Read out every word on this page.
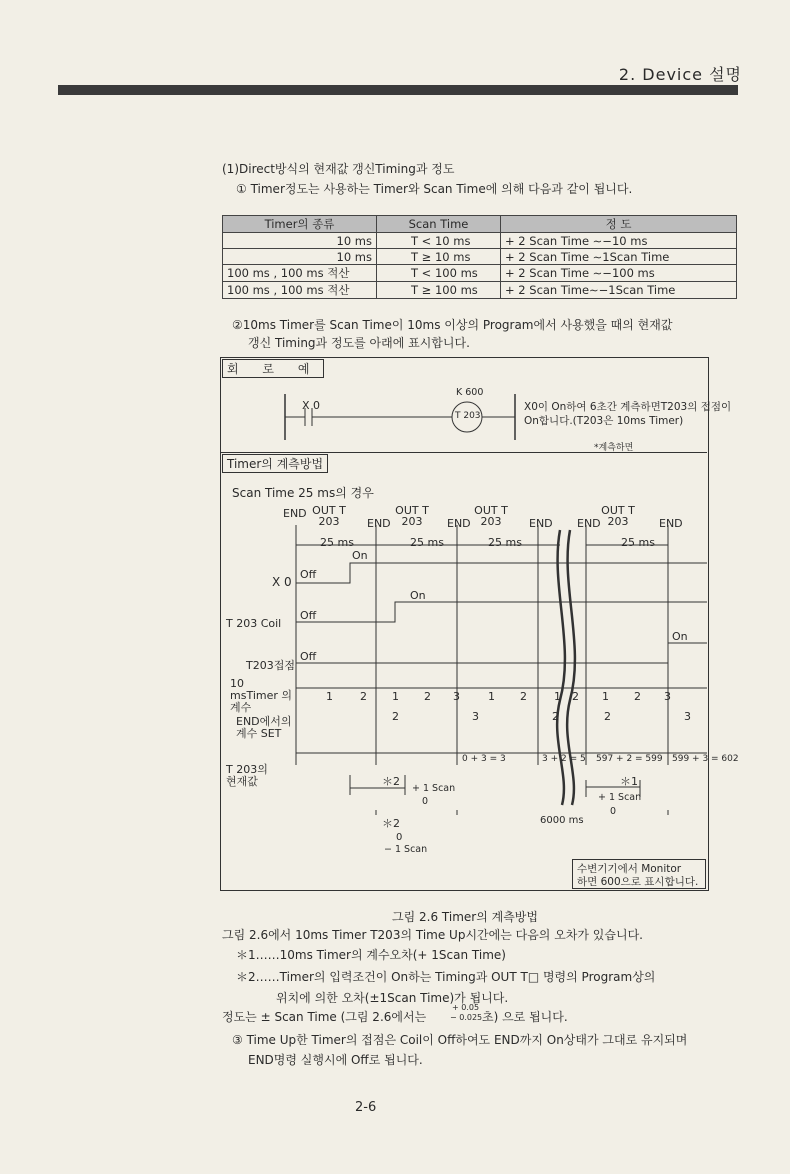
2. Device 설명
(1)Direct방식의 현재값 갱신Timing과 정도
① Timer정도는 사용하는 Timer와 Scan Time에 의해 다음과 같이 됩니다.
Timer의 종류	Scan Time	정 도
10 ms	T < 10 ms	+ 2 Scan Time ∼−10 ms
10 ms	T ≥ 10 ms	+ 2 Scan Time ∼1Scan Time
100 ms , 100 ms 적산	T < 100 ms	+ 2 Scan Time ∼−100 ms
100 ms , 100 ms 적산	T ≥ 100 ms	+ 2 Scan Time∼−1Scan Time
②10ms Timer를 Scan Time이 10ms 이상의 Program에서 사용했을 때의 현재값
갱신 Timing과 정도를 아래에 표시합니다.
회 로 예
X 0
K 600
T 203
X0이 On하여 6초간 계측하면T203의 접점이
On합니다.(T203은 10ms Timer)
*계측하면
Timer의 계측방법
Scan Time 25 ms의 경우
END OUT T 203	END
OUT T 203	END
OUT T 203	END END
OUT T 203	END
25 ms	25 ms	25 ms	25 ms
X 0
Off
On
T 203 Coil
Off
On
T203접점
Off
On
10 msTimer 의 계수
1 2 1 2 3	1 2 1 2 1 2 3
END에서의 계수 SET
2	3	2	2	3
T 203의 현재값
0 + 3 = 3	3 + 2 = 5 597 + 2 = 599 599 + 3 = 602
＊2
+ 1 Scan
0
＊1
+ 1 Scan
0
＊2	6000 ms
0
− 1 Scan
수변기기에서 Monitor
하면 600으로 표시합니다.
그림 2.6 Timer의 계측방법
그림 2.6에서 10ms Timer T203의 Time Up시간에는 다음의 오차가 있습니다.
＊1……10ms Timer의 계수오차(+ 1Scan Time)
＊2……Timer의 입력조건이 On하는 Timing과 OUT T□ 명령의 Program상의
위치에 의한 오차(±1Scan Time)가 됩니다.
정도는 ± Scan Time (그림 2.6에서는
+ 0.05
− 0.025 초) 으로 됩니다.
③ Time Up한 Timer의 접점은 Coil이 Off하여도 END까지 On상태가 그대로 유지되며
END명령 실행시에 Off로 됩니다.
2-6
